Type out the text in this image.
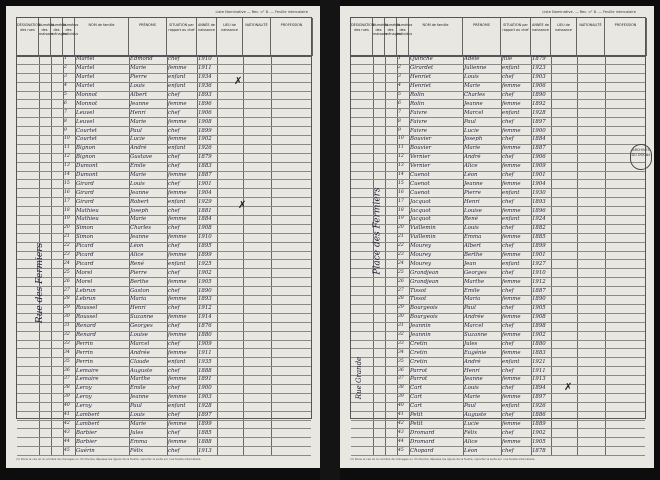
Liste Nominative — Rec. n° 8. — Feuille intercalaire
DÉSIGNATION des rues
Numéros des maisons
Numéros des ménages
Numéros des individus
NOM de famille	PRÉNOMS	SITUATION par rapport au chef
ANNÉE de naissance
LIEU de naissance
NATIONALITÉ	PROFESSION
1 Martel	Edmond	chef	1910
2 Martel	Marie	femme 1911
3 Martel	Pierre	enfant 1934
4 Martel	Louis	enfant 1936
5 Monnot	Albert	chef	1893
6 Monnot	Jeanne	femme 1896
7 Leuvel	Henri	chef	1906
8 Leuvel	Marie	femme 1908
9 Courtet	Paul	chef	1899
10 Courtet	Lucie	femme 1902
11 Bignon	André	enfant 1926
12 Bignon	Gustave	chef	1879
13 Dumont	Emile	chef	1883
14 Dumont	Marie	femme 1887
15 Girard	Louis	chef	1901
16 Girard	Jeanne	femme 1904
17 Girard	Robert	enfant 1929
18 Mathieu	Joseph	chef	1881
19 Mathieu	Marie	femme 1884
20 Simon	Charles	chef	1908
21 Simon	Jeanne	femme 1910
22 Picard	Léon	chef	1895
23 Picard	Alice	femme 1899
24 Picard	René	enfant 1925
25 Morel	Pierre	chef	1902
26 Morel	Berthe	femme 1905
27 Lebrun	Gaston	chef	1890
28 Lebrun	Maria	femme 1893
29 Roussel	Henri	chef	1912
30 Roussel	Suzanne	femme 1914
31 Renard	Georges	chef	1876
32 Renard	Louise	femme 1880
33 Perrin	Marcel	chef	1909
34 Perrin	Andrée	femme 1911
35 Perrin	Claude	enfant 1935
36 Lemaire	Auguste	chef	1888
37 Lemaire	Marthe	femme 1891
38 Leroy	Emile	chef	1900
39 Leroy	Jeanne	femme 1903
40 Leroy	Paul	enfant 1928
41 Lambert	Louis	chef	1897
42 Lambert	Marie	femme 1899
43 Barbier	Jules	chef	1885
44 Barbier	Emma	femme 1888
45 Guérin	Félix	chef	1913
Rue des Fermiers
✗
✗
(1) Dans le cas où le nombre de ménages ou d'individus dépasse les lignes de la feuille, reporter la suite sur une feuille intercalaire.
Liste Nominative. — Rec. n° 8. — Feuille intercalaire
DÉSIGNATION des rues
Numéros des maisons
Numéros des ménages
Numéros des individus
NOM de famille	PRÉNOMS	SITUATION par rapport au chef
ANNÉE de naissance
LIEU de naissance
NATIONALITÉ	PROFESSION
1 Quinche	Adèle	fille	1879
2 Girardet	Julienne	enfant 1923
3 Henriet	Louis	chef	1903
4 Henriet	Marie	femme 1906
5 Rolin	Charles	chef	1890
6 Rolin	Jeanne	femme 1892
7 Faivre	Marcel	enfant 1928
8 Faivre	Paul	chef	1897
9 Faivre	Lucie	femme 1900
10 Bouvier	Joseph	chef	1884
11 Bouvier	Marie	femme 1887
12 Vernier	André	chef	1906
13 Vernier	Alice	femme 1909
14 Cuenot	Léon	chef	1901
15 Cuenot	Jeanne	femme 1904
16 Cuenot	Pierre	enfant 1930
17 Jacquot	Henri	chef	1893
18 Jacquot	Louise	femme 1896
19 Jacquot	René	enfant 1924
20 Vuillemin	Louis	chef	1882
21 Vuillemin	Emma	femme 1885
22 Mourey	Albert	chef	1899
23 Mourey	Berthe	femme 1901
24 Mourey	Jean	enfant 1927
25 Grandjean	Georges	chef	1910
26 Grandjean	Marthe	femme 1912
27 Tissot	Emile	chef	1887
28 Tissot	Maria	femme 1890
29 Bourgeois	Paul	chef	1905
30 Bourgeois	Andrée	femme 1908
31 Jeannin	Marcel	chef	1898
32 Jeannin	Suzanne	femme 1902
33 Cretin	Jules	chef	1880
34 Cretin	Eugénie	femme 1883
35 Cretin	André	enfant 1921
36 Parrot	Henri	chef	1911
37 Parrot	Jeanne	femme 1913
38 Cart	Louis	chef	1894
39 Cart	Marie	femme 1897
40 Cart	Paul	enfant 1926
41 Petit	Auguste	chef	1886
42 Petit	Lucie	femme 1889
43 Dromard	Félix	chef	1902
44 Dromard	Alice	femme 1905
45 Chopard	Léon	chef	1878
Place des Fermiers
Rue Grande
ARCHIVES DU DOUBS
✗
(1) Dans le cas où le nombre de ménages ou d'individus dépasse les lignes de la feuille, reporter la suite sur une feuille intercalaire.
